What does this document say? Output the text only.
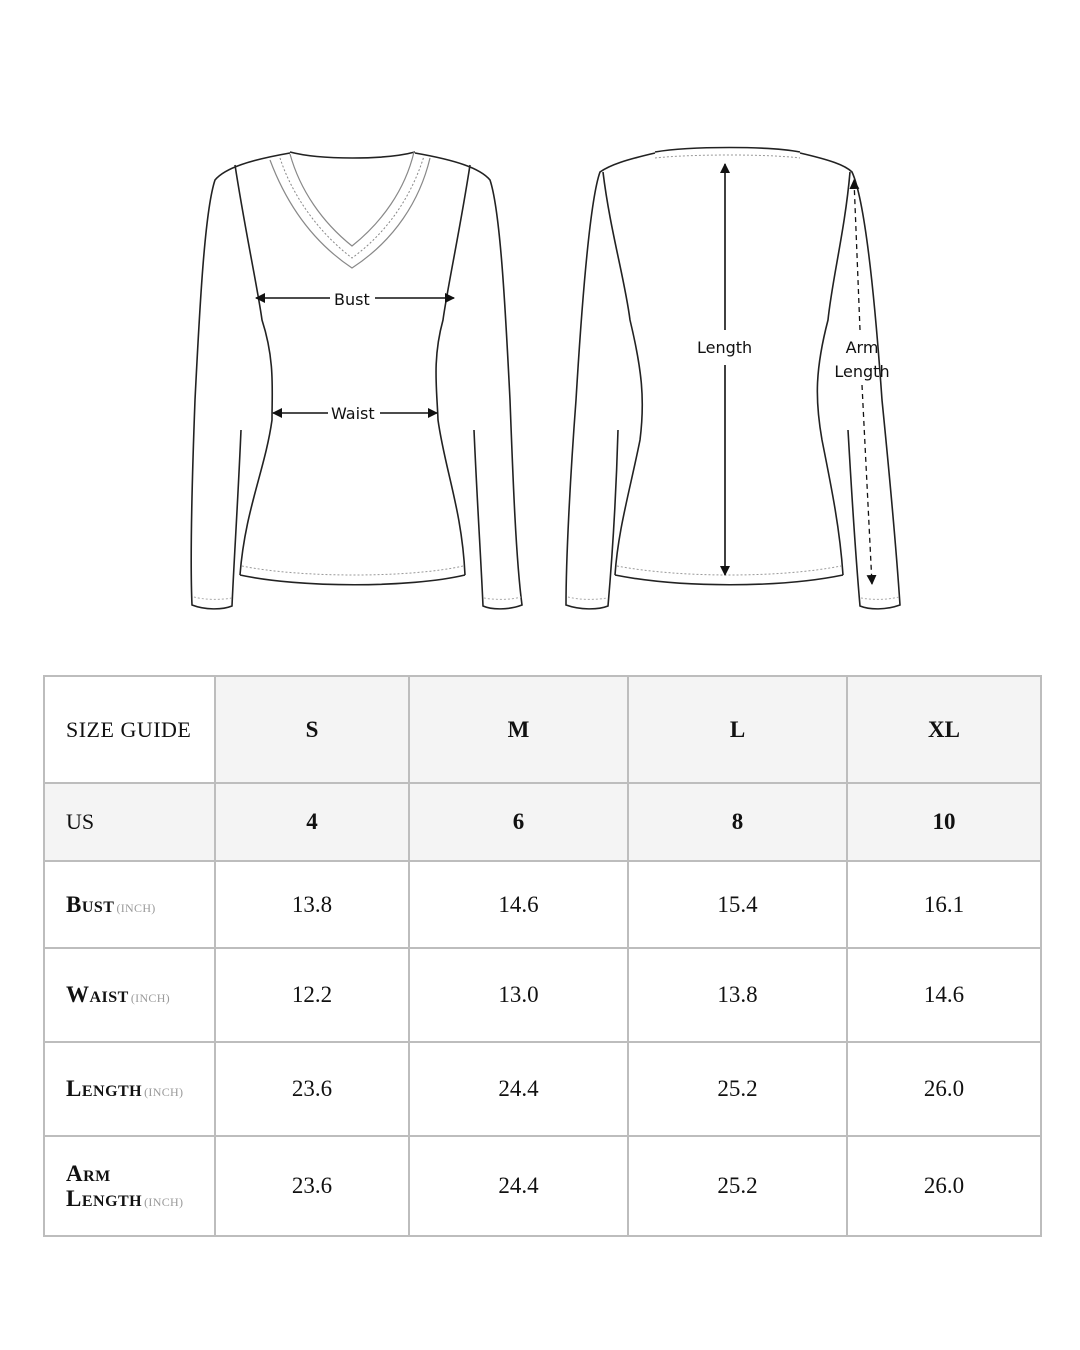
Bust
Waist
Length	Arm
Length
SIZE GUIDE	S	M	L	XL
US	4	6	8	10
Bust (INCH)	13.8	14.6	15.4	16.1
Waist (INCH)	12.2	13.0	13.8	14.6
Length (INCH)	23.6	24.4	25.2	26.0

Arm
Length (INCH)	23.6	24.4	25.2	26.0
